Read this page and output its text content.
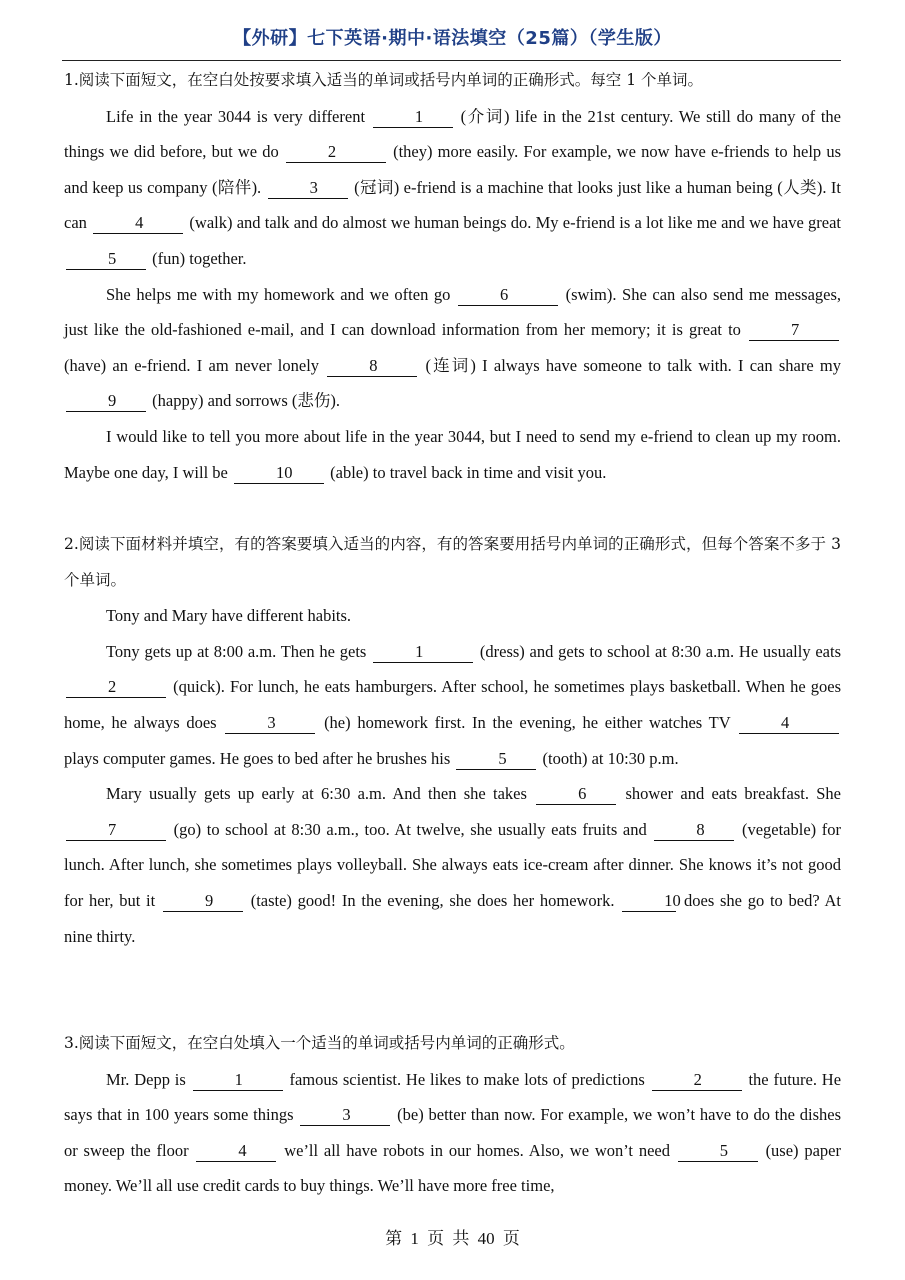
【外研】七下英语·期中·语法填空（25篇）（学生版）

1.阅读下面短文，在空白处按要求填入适当的单词或括号内单词的正确形式。每空 1 个单词。

Life in the year 3044 is very different	1 (介词) life in the 21st century. We still do many of the things we did before, but we do	2	(they) more easily. For example, we now have e-friends to help us and keep us company (陪伴).	3 (冠词) e-friend is a machine that looks just like a human being (人类). It can	4	(walk) and talk and do almost we human beings do. My e-friend is a lot like me and we have great 5 (fun) together.

She helps me with my homework and we often go	6	(swim). She can also send me messages, just like the old-fashioned e-mail, and I can download information from her memory; it is great to	7 (have) an e-friend. I am never lonely	8	(连词) I always have someone to talk with. I can share my 9 (happy) and sorrows (悲伤).

I would like to tell you more about life in the year 3044, but I need to send my e-friend to clean up my room. Maybe one day, I will be	10 (able) to travel back in time and visit you.

2.阅读下面材料并填空，有的答案要填入适当的内容，有的答案要用括号内单词的正确形式，但每个答案不多于 3 个单词。

Tony and Mary have different habits.

Tony gets up at 8:00 a.m. Then he gets	1	(dress) and gets to school at 8:30 a.m. He usually eats 2	(quick). For lunch, he eats hamburgers. After school, he sometimes plays basketball. When he goes home, he always does	3	(he) homework first. In the evening, he either watches TV	4 plays computer games. He goes to bed after he brushes his	5 (tooth) at 10:30 p.m.

Mary usually gets up early at 6:30 a.m. And then she takes	6 shower and eats breakfast. She 7	(go) to school at 8:30 a.m., too. At twelve, she usually eats fruits and	8 (vegetable) for lunch. After lunch, she sometimes plays volleyball. She always eats ice-cream after dinner. She knows it’s not good for her, but it	9 (taste) good! In the evening, she does her homework.	10 does she go to bed? At nine thirty.

3.阅读下面短文，在空白处填入一个适当的单词或括号内单词的正确形式。

Mr. Depp is	1	famous scientist. He likes to make lots of predictions	2	the future. He says that in 100 years some things	3	(be) better than now. For example, we won’t have to do the dishes or sweep the floor	4 we’ll all have robots in our homes. Also, we won’t need	5 (use) paper money. We’ll all use credit cards to buy things. We’ll have more free time,

第 1 页 共 40 页
